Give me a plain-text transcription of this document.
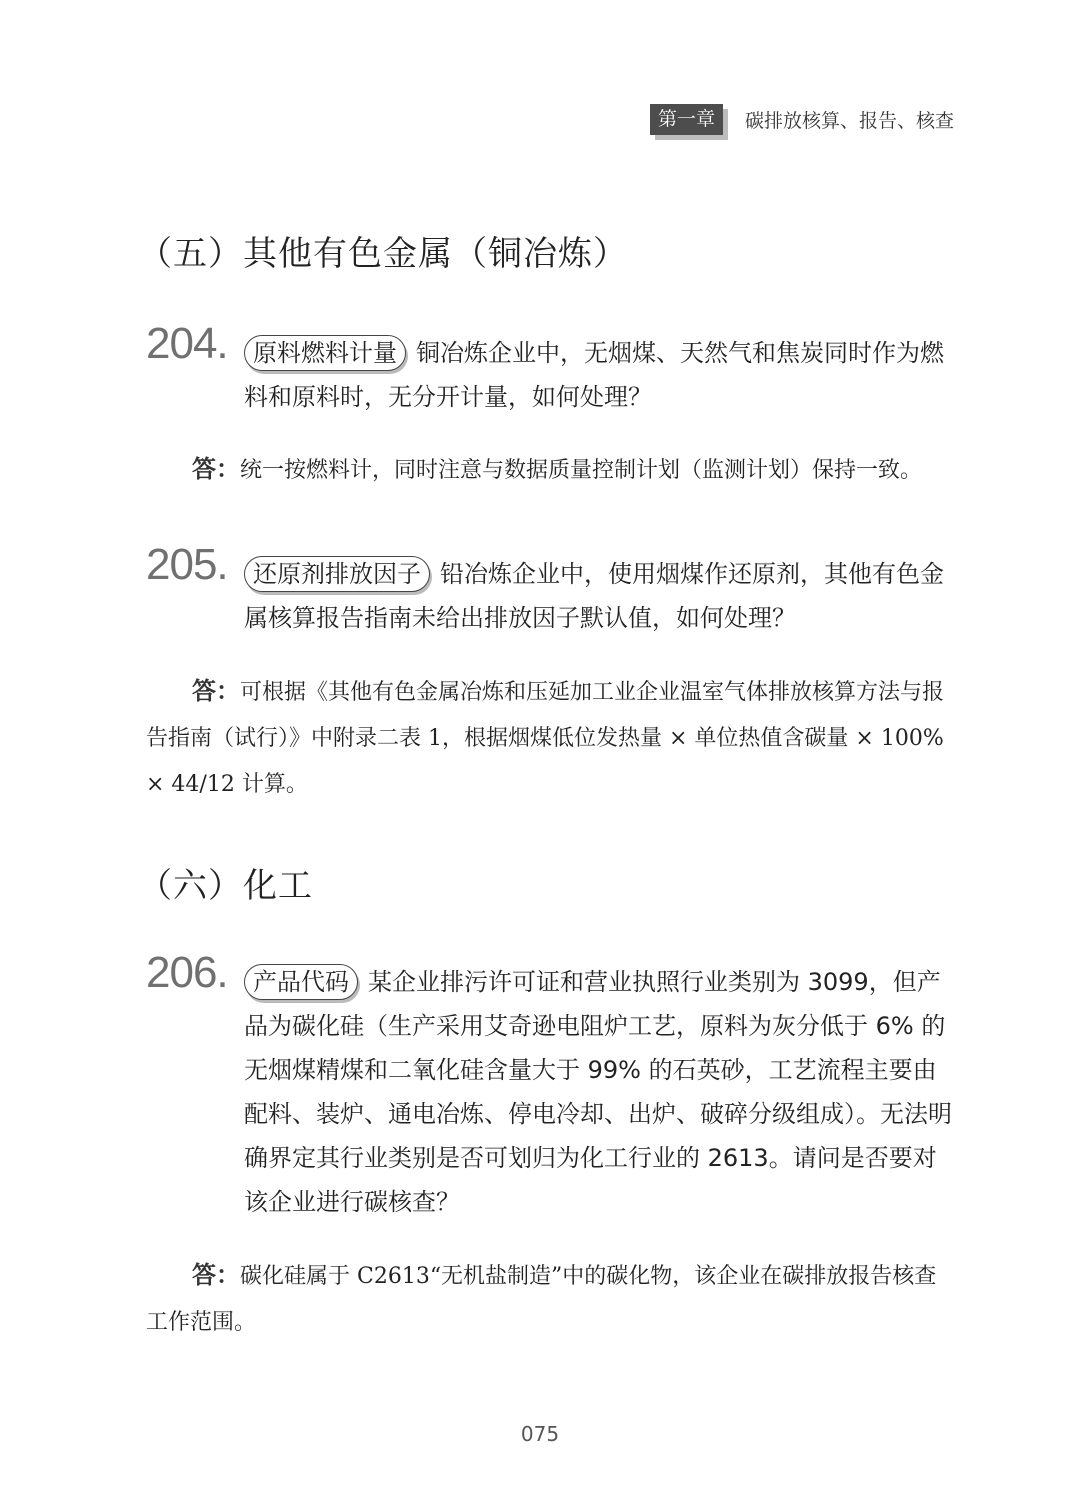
第一章	碳排放核算、报告、核查
（五）其他有色金属（铜冶炼）
204.	原料燃料计量 铜冶炼企业中，无烟煤、天然气和焦炭同时作为燃料和原料时，无分开计量，如何处理？
答：统一按燃料计，同时注意与数据质量控制计划（监测计划）保持一致。
205.	还原剂排放因子 铅冶炼企业中，使用烟煤作还原剂，其他有色金属核算报告指南未给出排放因子默认值，如何处理？
答：可根据《其他有色金属冶炼和压延加工业企业温室气体排放核算方法与报告指南（试行）》中附录二表 1，根据烟煤低位发热量 × 单位热值含碳量 × 100% × 44/12 计算。
（六）化工
206.	产品代码 某企业排污许可证和营业执照行业类别为 3099，但产品为碳化硅（生产采用艾奇逊电阻炉工艺，原料为灰分低于 6% 的无烟煤精煤和二氧化硅含量大于 99% 的石英砂，工艺流程主要由配料、装炉、通电冶炼、停电冷却、出炉、破碎分级组成）。无法明确界定其行业类别是否可划归为化工行业的 2613。请问是否要对该企业进行碳核查？
答：碳化硅属于 C2613“无机盐制造”中的碳化物，该企业在碳排放报告核查工作范围。
075
